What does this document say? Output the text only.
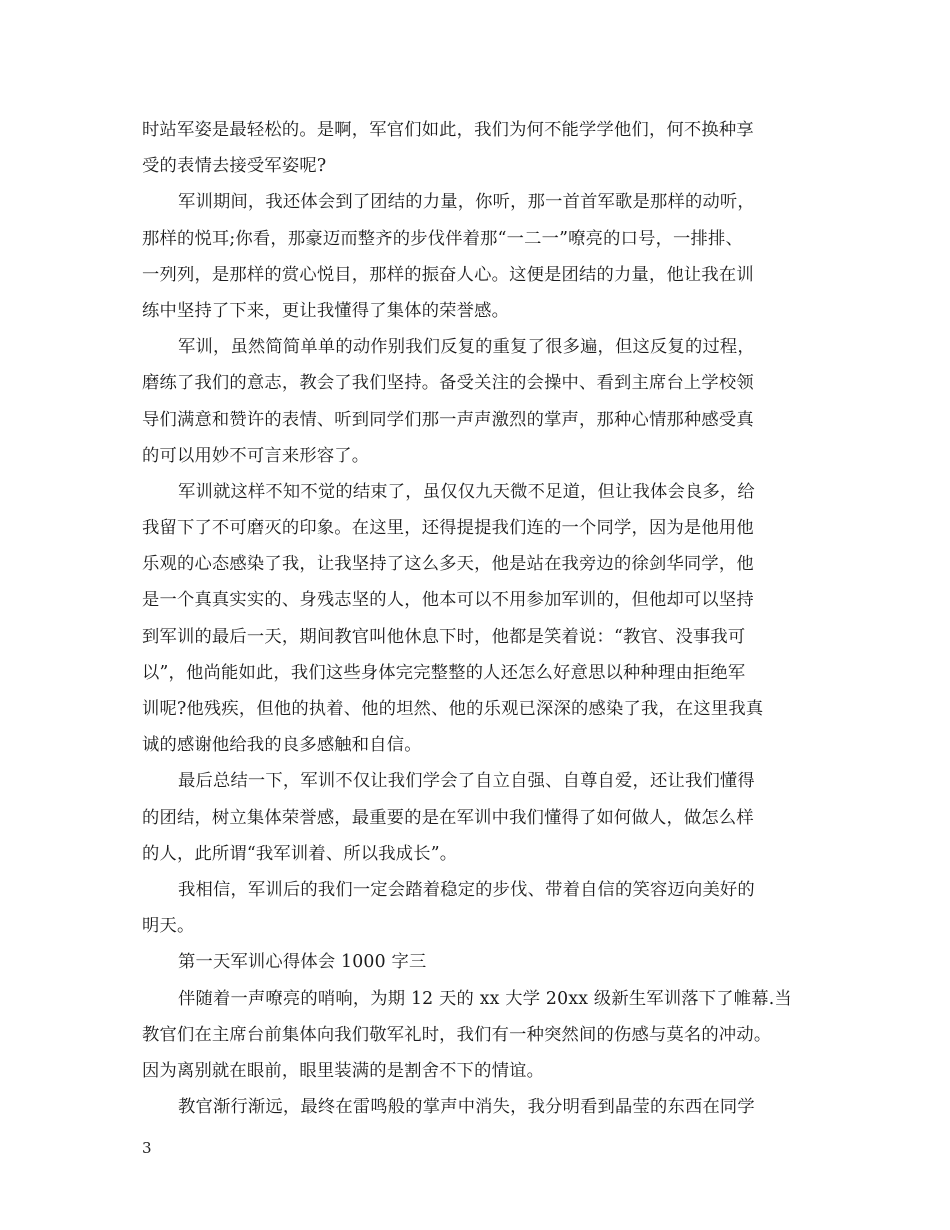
时站军姿是最轻松的。是啊，军官们如此，我们为何不能学学他们，何不换种享
受的表情去接受军姿呢?
军训期间，我还体会到了团结的力量，你听，那一首首军歌是那样的动听，
那样的悦耳;你看，那豪迈而整齐的步伐伴着那“一二一”嘹亮的口号，一排排、
一列列，是那样的赏心悦目，那样的振奋人心。这便是团结的力量，他让我在训
练中坚持了下来，更让我懂得了集体的荣誉感。
军训，虽然简简单单的动作别我们反复的重复了很多遍，但这反复的过程，
磨练了我们的意志，教会了我们坚持。备受关注的会操中、看到主席台上学校领
导们满意和赞许的表情、听到同学们那一声声激烈的掌声，那种心情那种感受真
的可以用妙不可言来形容了。
军训就这样不知不觉的结束了，虽仅仅九天微不足道，但让我体会良多，给
我留下了不可磨灭的印象。在这里，还得提提我们连的一个同学，因为是他用他
乐观的心态感染了我，让我坚持了这么多天，他是站在我旁边的徐剑华同学，他
是一个真真实实的、身残志坚的人，他本可以不用参加军训的，但他却可以坚持
到军训的最后一天，期间教官叫他休息下时，他都是笑着说：“教官、没事我可
以”，他尚能如此，我们这些身体完完整整的人还怎么好意思以种种理由拒绝军
训呢?他残疾，但他的执着、他的坦然、他的乐观已深深的感染了我，在这里我真
诚的感谢他给我的良多感触和自信。
最后总结一下，军训不仅让我们学会了自立自强、自尊自爱，还让我们懂得
的团结，树立集体荣誉感，最重要的是在军训中我们懂得了如何做人，做怎么样
的人，此所谓“我军训着、所以我成长”。
我相信，军训后的我们一定会踏着稳定的步伐、带着自信的笑容迈向美好的
明天。
第一天军训心得体会 1000 字三
伴随着一声嘹亮的哨响，为期 12 天的 xx 大学 20xx 级新生军训落下了帷幕.当
教官们在主席台前集体向我们敬军礼时，我们有一种突然间的伤感与莫名的冲动。
因为离别就在眼前，眼里装满的是割舍不下的情谊。
教官渐行渐远，最终在雷鸣般的掌声中消失，我分明看到晶莹的东西在同学
3
